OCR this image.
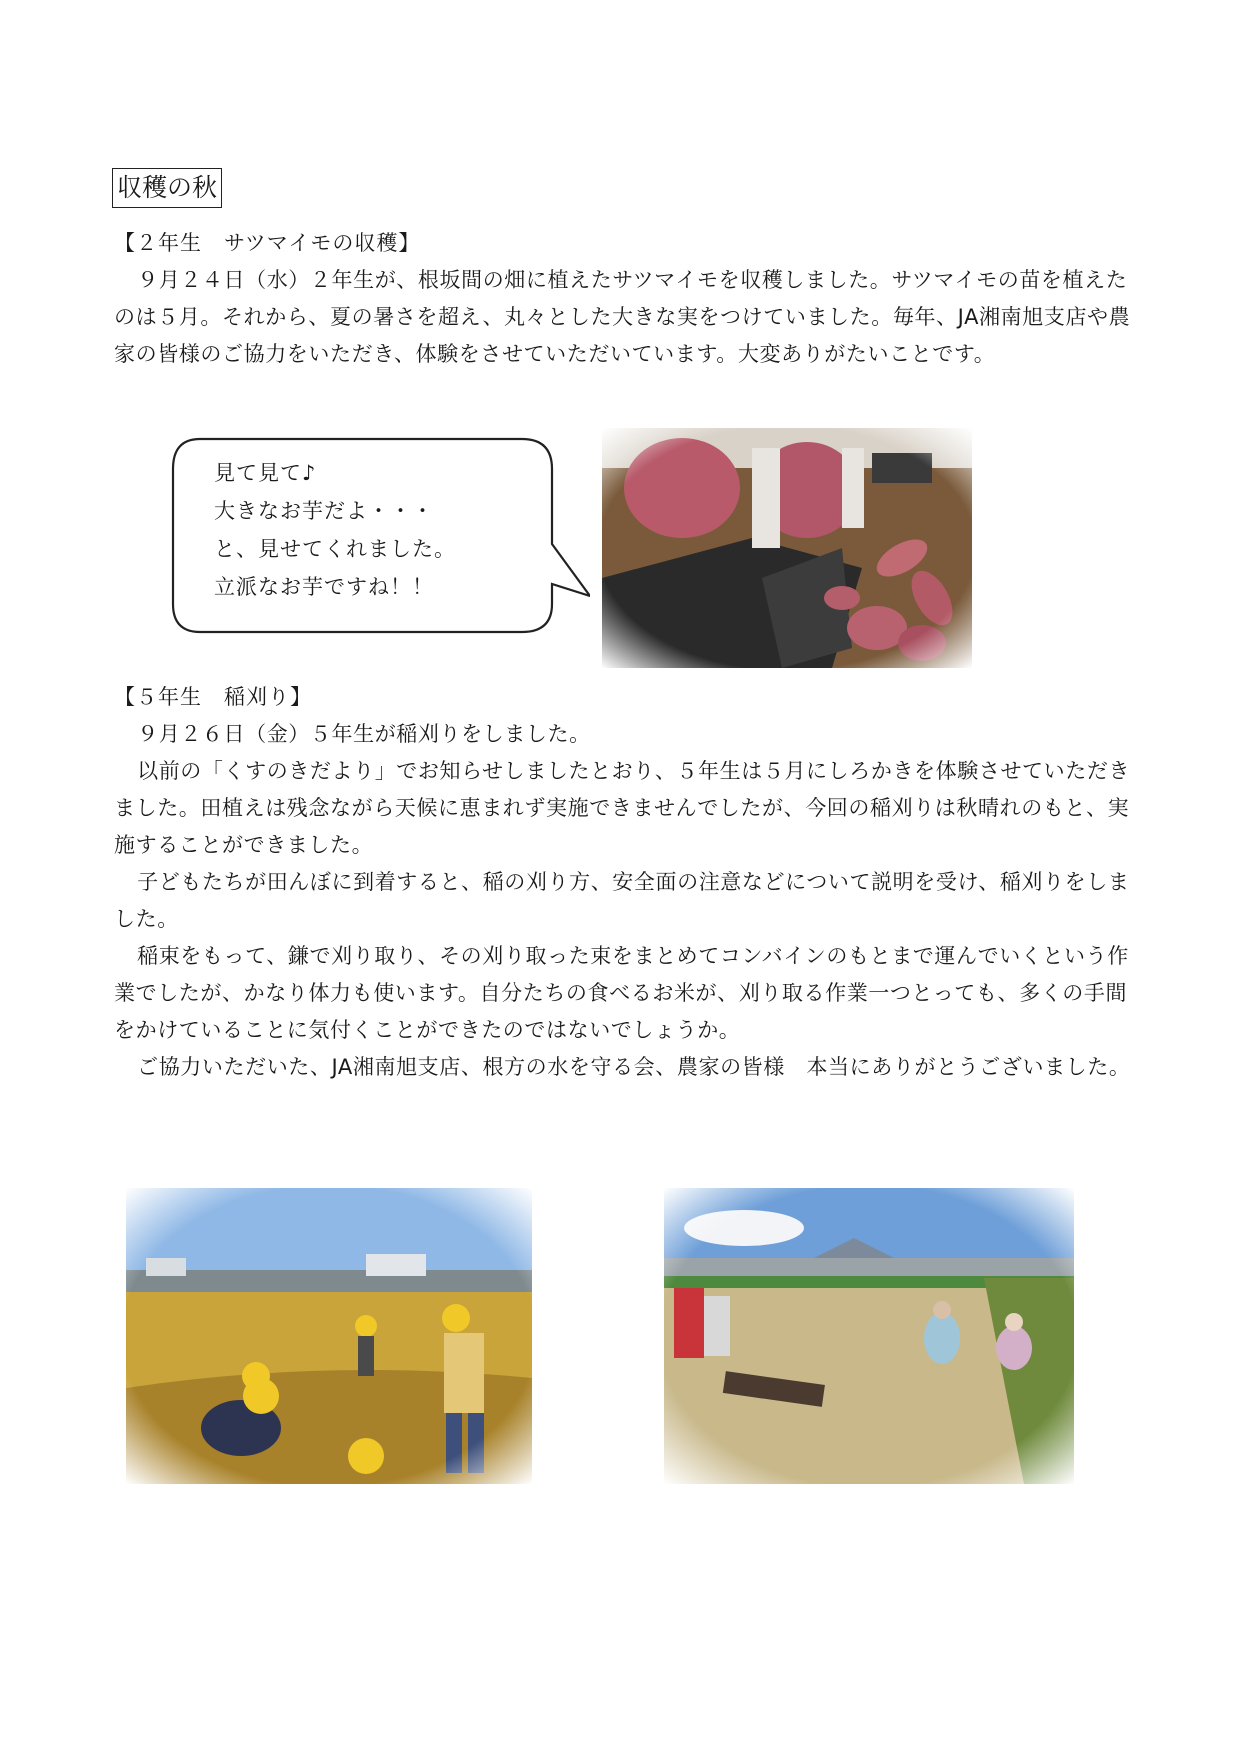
収穫の秋
【２年生　サツマイモの収穫】

９月２４日（水）２年生が、根坂間の畑に植えたサツマイモを収穫しました。サツマイモの苗を植えたのは５月。それから、夏の暑さを超え、丸々とした大きな実をつけていました。毎年、JA湘南旭支店や農家の皆様のご協力をいただき、体験をさせていただいています。大変ありがたいことです。

見て見て♪
大きなお芋だよ・・・
と、見せてくれました。
立派なお芋ですね！！
【５年生　稲刈り】

９月２６日（金）５年生が稲刈りをしました。

以前の「くすのきだより」でお知らせしましたとおり、５年生は５月にしろかきを体験させていただきました。田植えは残念ながら天候に恵まれず実施できませんでしたが、今回の稲刈りは秋晴れのもと、実施することができました。

子どもたちが田んぼに到着すると、稲の刈り方、安全面の注意などについて説明を受け、稲刈りをしました。

稲束をもって、鎌で刈り取り、その刈り取った束をまとめてコンバインのもとまで運んでいくという作業でしたが、かなり体力も使います。自分たちの食べるお米が、刈り取る作業一つとっても、多くの手間をかけていることに気付くことができたのではないでしょうか。

ご協力いただいた、JA湘南旭支店、根方の水を守る会、農家の皆様　本当にありがとうございました。
